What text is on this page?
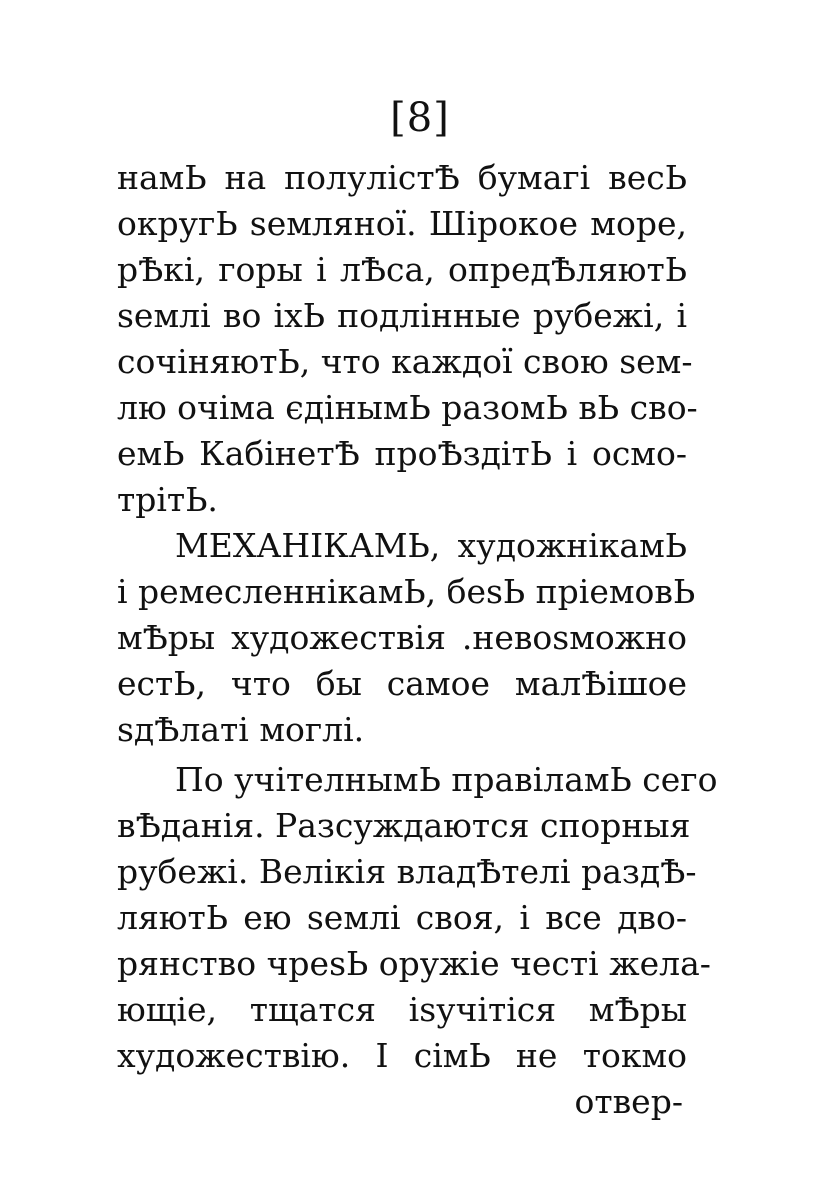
[8]
намЬ на полулістѢ бумагі весЬ
округЬ ѕемляної. Шірокое море,
рѢкі, горы і лѢса, опредѢляютЬ
ѕемлі во іхЬ подлінные рубежі, і
сочіняютЬ, что каждої свою ѕем-
лю очіма єдінымЬ разомЬ вЬ сво-
емЬ КабінетѢ проѢздітЬ і осмо-
трітЬ.
МЕХАНІКАМЬ, художнікамЬ
і ремесленнікамЬ, беѕЬ пріемовЬ
мѢры художествія .невоѕможно
естЬ, что бы самое малѢішое
ѕдѢлаті моглі.
По учітелнымЬ правіламЬ сего
вѢданія. Разсуждаются спорныя
рубежі. Велікія владѢтелі раздѢ-
ляютЬ ею ѕемлі своя, і все дво-
рянство чреѕЬ оружіе честі жела-
ющіе, тщатся іѕучітіся мѢры
художествію. І сімЬ не токмо
отвер-
